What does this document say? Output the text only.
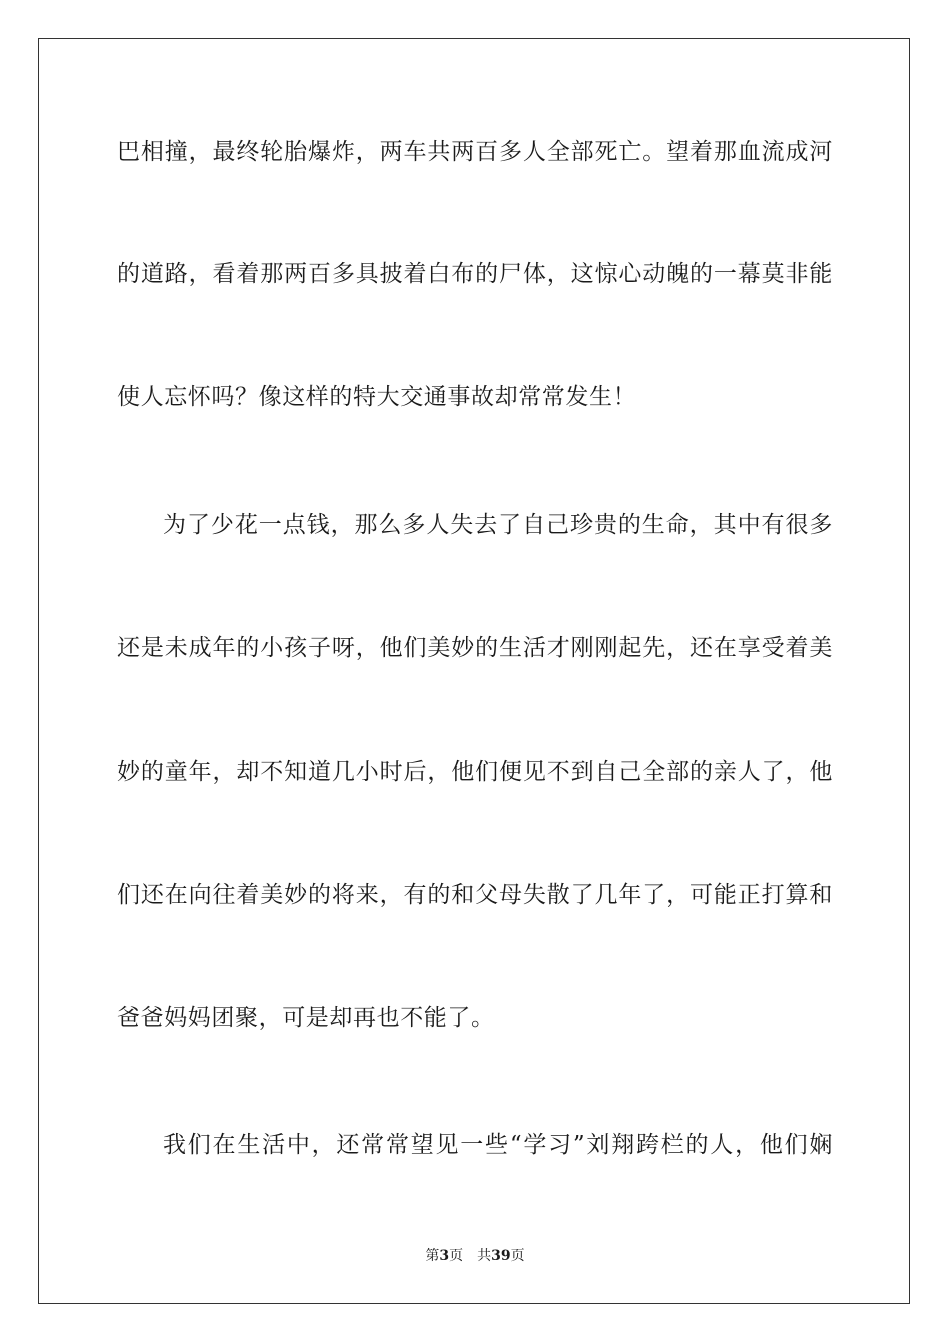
巴相撞，最终轮胎爆炸，两车共两百多人全部死亡。望着那血流成河

的道路，看着那两百多具披着白布的尸体，这惊心动魄的一幕莫非能

使人忘怀吗？像这样的特大交通事故却常常发生！

为了少花一点钱，那么多人失去了自己珍贵的生命，其中有很多

还是未成年的小孩子呀，他们美妙的生活才刚刚起先，还在享受着美

妙的童年，却不知道几小时后，他们便见不到自己全部的亲人了，他

们还在向往着美妙的将来，有的和父母失散了几年了，可能正打算和

爸爸妈妈团聚，可是却再也不能了。

我们在生活中，还常常望见一些“学习”刘翔跨栏的人，他们娴

第3页 共39页
